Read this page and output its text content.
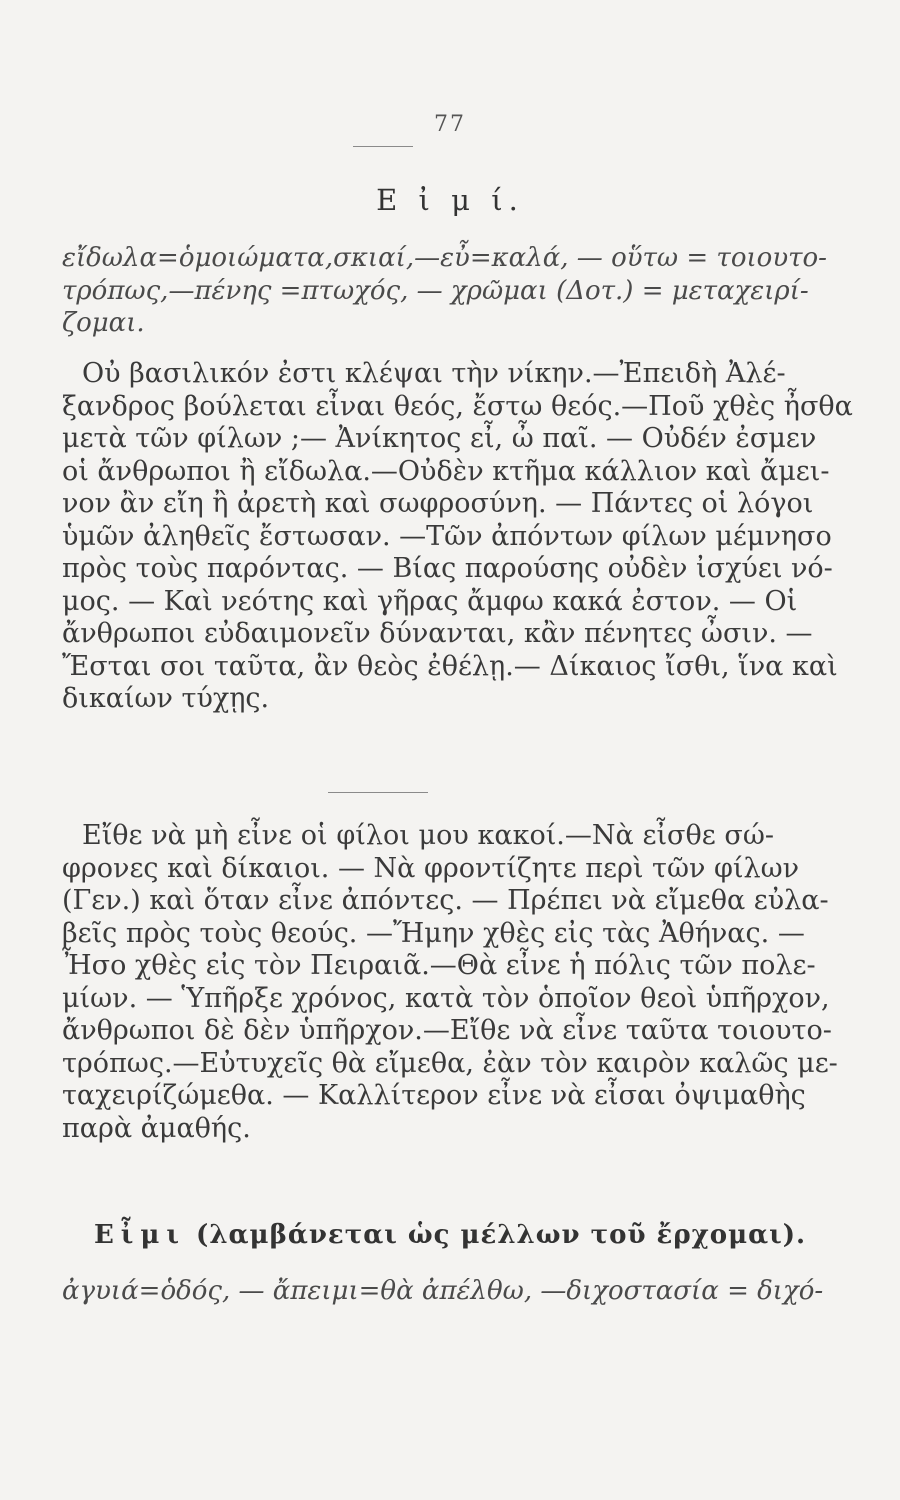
77
Ε ἰ μ ί.
εἴδωλα=ὁμοιώματα,σκιαί,—εὖ=καλά, — οὕτω = τοιουτο-
τρόπως,—πένης =πτωχός, — χρῶμαι (Δοτ.) = μεταχειρί-
ζομαι.
Οὐ βασιλικόν ἐστι κλέψαι τὴν νίκην.—Ἐπειδὴ Ἀλέ-
ξανδρος βούλεται εἶναι θεός, ἔστω θεός.—Ποῦ χθὲς ἦσθα
μετὰ τῶν φίλων ;— Ἀνίκητος εἶ, ὦ παῖ. — Οὐδέν ἐσμεν
οἱ ἄνθρωποι ἢ εἴδωλα.—Οὐδὲν κτῆμα κάλλιον καὶ ἄμει-
νον ἂν εἴη ἢ ἀρετὴ καὶ σωφροσύνη. — Πάντες οἱ λόγοι
ὑμῶν ἀληθεῖς ἔστωσαν. —Τῶν ἀπόντων φίλων μέμνησο
πρὸς τοὺς παρόντας. — Βίας παρούσης οὐδὲν ἰσχύει νό-
μος. — Καὶ νεότης καὶ γῆρας ἄμφω κακά ἐστον. — Οἱ
ἄνθρωποι εὐδαιμονεῖν δύνανται, κἂν πένητες ὦσιν. —
Ἔσται σοι ταῦτα, ἂν θεὸς ἐθέλῃ.— Δίκαιος ἴσθι, ἵνα καὶ
δικαίων τύχῃς.
Εἴθε νὰ μὴ εἶνε οἱ φίλοι μου κακοί.—Νὰ εἶσθε σώ-
φρονες καὶ δίκαιοι. — Νὰ φροντίζητε περὶ τῶν φίλων
(Γεν.) καὶ ὅταν εἶνε ἀπόντες. — Πρέπει νὰ εἴμεθα εὐλα-
βεῖς πρὸς τοὺς θεούς. —Ἤμην χθὲς εἰς τὰς Ἀθήνας. —
Ἦσο χθὲς εἰς τὸν Πειραιᾶ.—Θὰ εἶνε ἡ πόλις τῶν πολε-
μίων. — Ὑπῆρξε χρόνος, κατὰ τὸν ὁποῖον θεοὶ ὑπῆρχον,
ἄνθρωποι δὲ δὲν ὑπῆρχον.—Εἴθε νὰ εἶνε ταῦτα τοιουτο-
τρόπως.—Εὐτυχεῖς θὰ εἴμεθα, ἐὰν τὸν καιρὸν καλῶς με-
ταχειρίζώμεθα. — Καλλίτερον εἶνε νὰ εἶσαι ὀψιμαθὴς
παρὰ ἀμαθής.
Εἶμι (λαμβάνεται ὡς μέλλων τοῦ ἔρχομαι).
ἀγυιά=ὁδός, — ἄπειμι=θὰ ἀπέλθω, —διχοστασία = διχό-
